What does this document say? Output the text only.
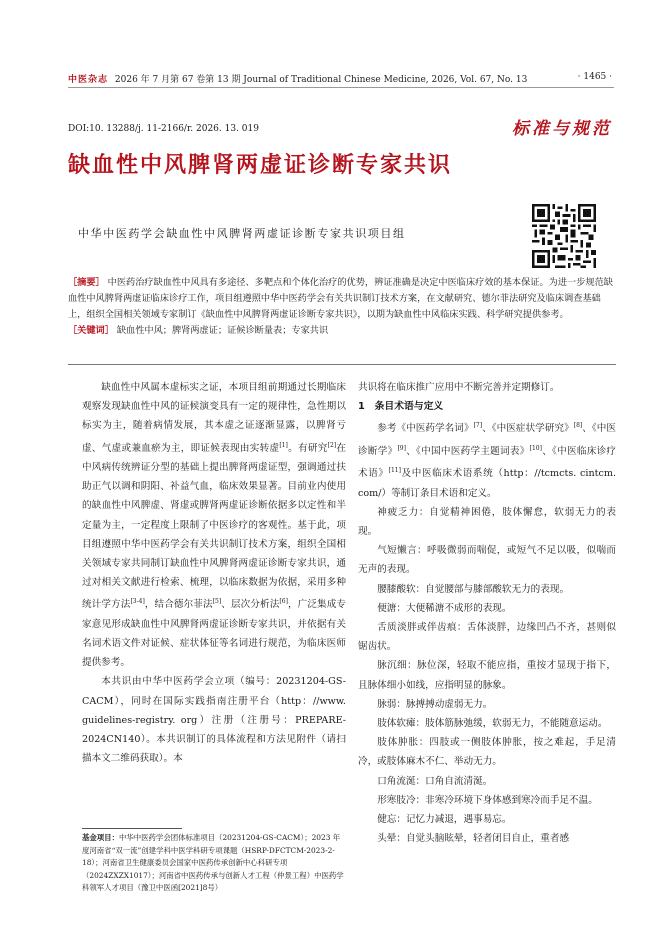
中医杂志 2026 年 7 月第 67 卷第 13 期 Journal of Traditional Chinese Medicine, 2026, Vol. 67, No. 13	· 1465 ·
DOI:10. 13288/j. 11-2166/r. 2026. 13. 019	标准与规范
缺血性中风脾肾两虚证诊断专家共识
中华中医药学会缺血性中风脾肾两虚证诊断专家共识项目组

［摘要］ 中医药治疗缺血性中风具有多途径、多靶点和个体化治疗的优势，辨证准确是决定中医临床疗效的基本保证。为进一步规范缺血性中风脾肾两虚证临床诊疗工作，项目组遵照中华中医药学会有关共识制订技术方案，在文献研究、德尔菲法研究及临床调查基础上，组织全国相关领域专家制订《缺血性中风脾肾两虚证诊断专家共识》，以期为缺血性中风临床实践、科学研究提供参考。

［关键词］ 缺血性中风；脾肾两虚证；证候诊断量表；专家共识

缺血性中风属本虚标实之证，本项目组前期通过长期临床观察发现缺血性中风的证候演变具有一定的规律性，急性期以标实为主，随着病情发展，其本虚之证逐渐显露，以脾肾亏虚、气虚或兼血瘀为主，即证候表现由实转虚[1]。有研究[2]在中风病传统辨证分型的基础上提出脾肾两虚证型，强调通过扶助正气以调和阴阳、补益气血，临床效果显著。目前业内使用的缺血性中风脾虚、肾虚或脾肾两虚证诊断依据多以定性和半定量为主，一定程度上限制了中医诊疗的客观性。基于此，项目组遵照中华中医药学会有关共识制订技术方案，组织全国相关领域专家共同制订缺血性中风脾肾两虚证诊断专家共识，通过对相关文献进行检索、梳理，以临床数据为依据，采用多种统计学方法[3-4]，结合德尔菲法[5]、层次分析法[6]，广泛集成专家意见形成缺血性中风脾肾两虚证诊断专家共识，并依据有关名词术语文件对证候、症状体征等名词进行规范，为临床医师提供参考。

本共识由中华中医药学会立项（编号：20231204-GS-CACM），同时在国际实践指南注册平台（http：//www. guidelines-registry. org）注册（注册号：PREPARE-2024CN140）。本共识制订的具体流程和方法见附件（请扫描本文二维码获取）。本

基金项目：中华中医药学会团体标准项目（20231204-GS-CACM）；2023 年度河南省“双一流”创建学科中医学科研专项课题（HSRP-DFCTCM-2023-2-18）；河南省卫生健康委员会国家中医药传承创新中心科研专项（2024ZXZX1017）；河南省中医药传承与创新人才工程（仲景工程）中医药学科领军人才项目（豫卫中医函[2021]8号）

共识将在临床推广应用中不断完善并定期修订。

1　条目术语与定义

参考《中医药学名词》[7]、《中医症状学研究》[8]、《中医诊断学》[9]、《中国中医药学主题词表》[10]、《中医临床诊疗术语》[11]及中医临床术语系统（http：//tcmcts. cintcm. com/）等制订条目术语和定义。

神疲乏力：自觉精神困倦，肢体懈怠，软弱无力的表现。

气短懒言：呼吸微弱而喘促，或短气不足以吸，似喘而无声的表现。

腰膝酸软：自觉腰部与膝部酸软无力的表现。

便溏：大便稀溏不成形的表现。

舌质淡胖或伴齿痕：舌体淡胖，边缘凹凸不齐，甚则似锯齿状。

脉沉细：脉位深，轻取不能应指，重按才显现于指下，且脉体细小如线，应指明显的脉象。

脉弱：脉搏搏动虚弱无力。

肢体软瘫：肢体筋脉弛缓，软弱无力，不能随意运动。

肢体肿胀：四肢或一侧肢体肿胀，按之难起，手足清冷，或肢体麻木不仁、举动无力。

口角流涎：口角自流清涎。

形寒肢冷：非寒冷环境下身体感到寒冷而手足不温。

健忘：记忆力减退，遇事易忘。

头晕：自觉头脑眩晕，轻者闭目自止，重者感
